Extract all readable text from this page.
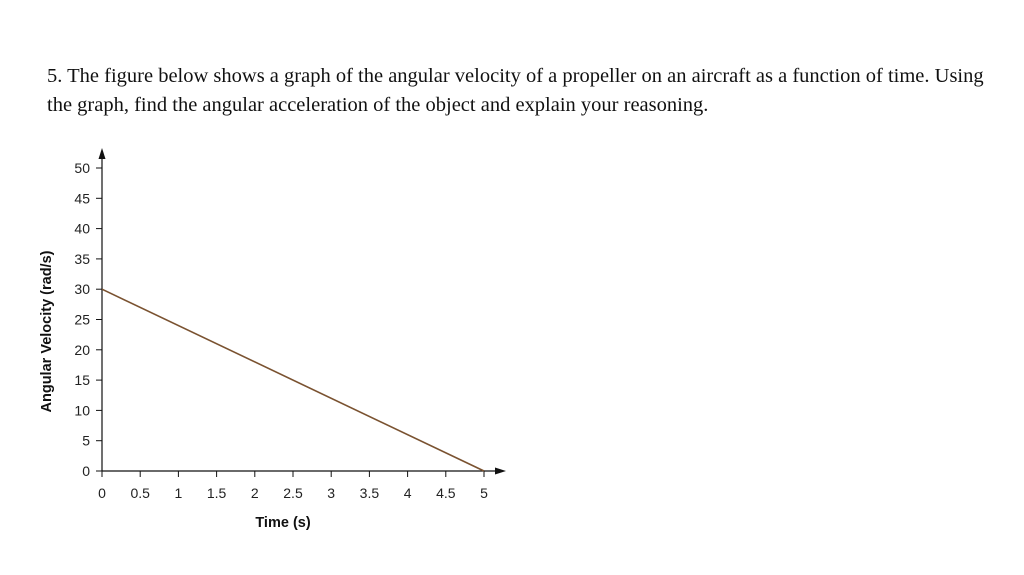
5. The figure below shows a graph of the angular velocity of a propeller on an aircraft as a function of time. Using the graph, find the angular acceleration of the object and explain your reasoning.
0
5
10
15
20
25
30
35
40
45
50
0 0.5 1 1.5 2 2.5 3 3.5 4 4.5 5
Time (s)
Angular Velocity (rad/s)
